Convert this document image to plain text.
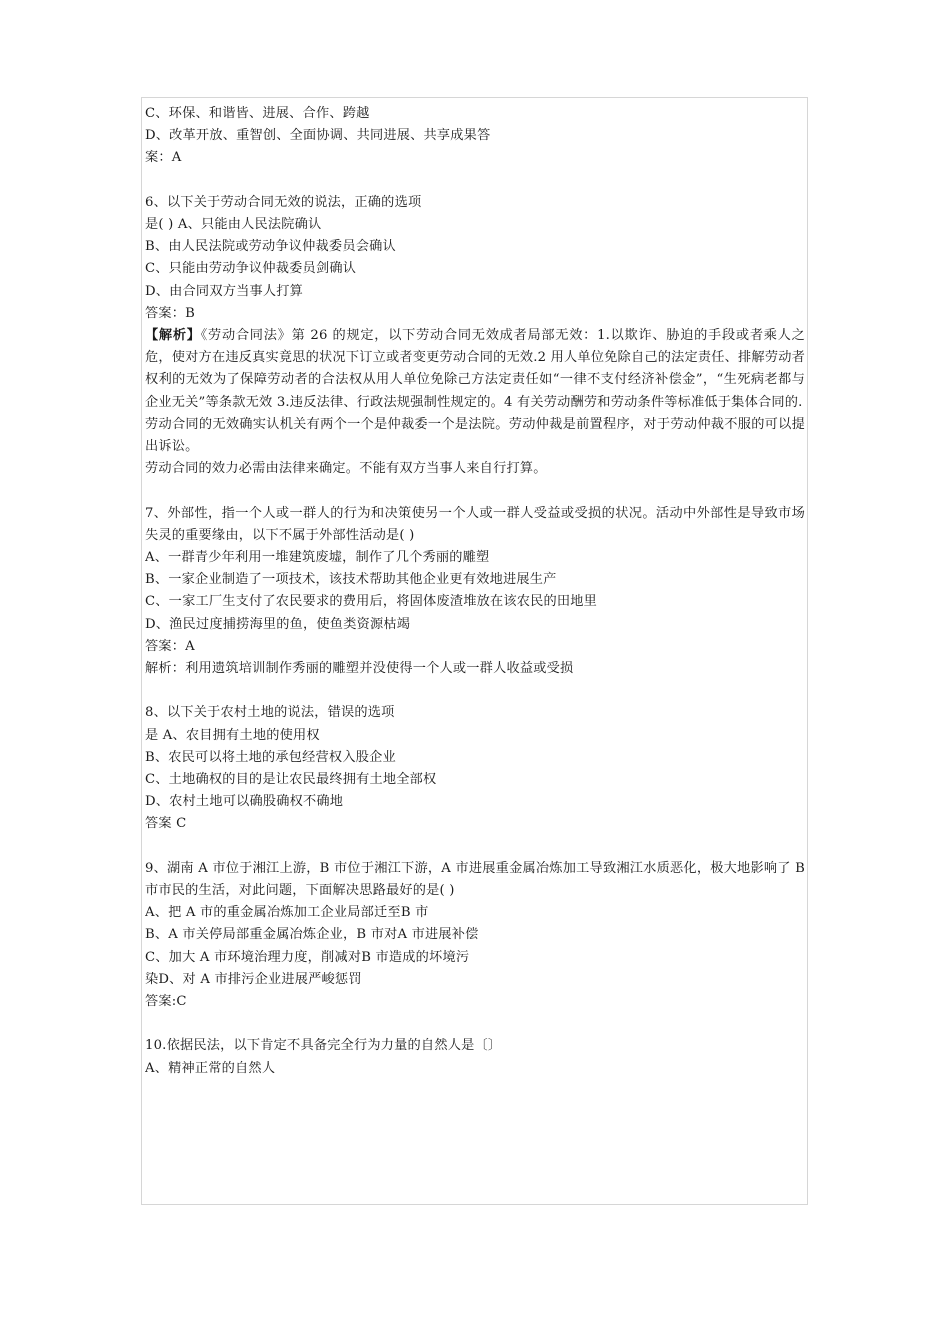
C、环保、和谐皆、进展、合作、跨越
D、改革开放、重智创、全面协调、共同进展、共享成果答
案：A
6、以下关于劳动合同无效的说法，正确的选项
是( ) A、只能由人民法院确认
B、由人民法院或劳动争议仲裁委员会确认
C、只能由劳动争议仲裁委员剑确认
D、由合同双方当事人打算
答案：B
【解析】《劳动合同法》第 26 的规定，以下劳动合同无效成者局部无效：1.以欺诈、胁迫的手段或者乘人之危，使对方在违反真实竟思的状况下订立或者变更劳动合同的无效.2 用人单位免除自己的法定责任、排解劳动者权利的无效为了保障劳动者的合法权从用人单位免除己方法定责任如“一律不支付经济补偿金”，“生死病老都与企业无关”等条款无效 3.违反法律、行政法规强制性规定的。4 有关劳动酬劳和劳动条件等标准低于集体合同的.
劳动合同的无效确实认机关有两个一个是仲裁委一个是法院。劳动仲裁是前置程序，对于劳动仲裁不服的可以提出诉讼。
劳动合同的效力必需由法律来确定。不能有双方当事人来自行打算。
7、外部性，指一个人或一群人的行为和决策使另一个人或一群人受益或受损的状况。活动中外部性是导致市场失灵的重要缘由，以下不属于外部性活动是( )
A、一群青少年利用一堆建筑废墟，制作了几个秀丽的雕塑
B、一家企业制造了一项技术，该技术帮助其他企业更有效地进展生产
C、一家工厂生支付了农民要求的费用后，将固体废渣堆放在该农民的田地里
D、渔民过度捕捞海里的鱼，使鱼类资源枯竭
答案：A
解析：利用遗筑培训制作秀丽的雕塑并没使得一个人或一群人收益或受损
8、以下关于农村土地的说法，错误的选项
是 A、农目拥有土地的使用权
B、农民可以将土地的承包经营权入股企业
C、土地确权的目的是让农民最终拥有土地全部权
D、农村土地可以确股确权不确地
答案 C
9、湖南 A 市位于湘江上游，B 市位于湘江下游，A 市进展重金属冶炼加工导致湘江水质恶化，极大地影响了 B 市市民的生活，对此问题，下面解决思路最好的是( )
A、把 A 市的重金属冶炼加工企业局部迁至B 市
B、A 市关停局部重金属冶炼企业，B 市对A 市进展补偿
C、加大 A 市环境治理力度，削减对B 市造成的坏境污
染D、对 A 市排污企业进展严峻惩罚
答案:C
10.依据民法，以下肯定不具备完全行为力量的自然人是〔〕
A、精神正常的自然人
